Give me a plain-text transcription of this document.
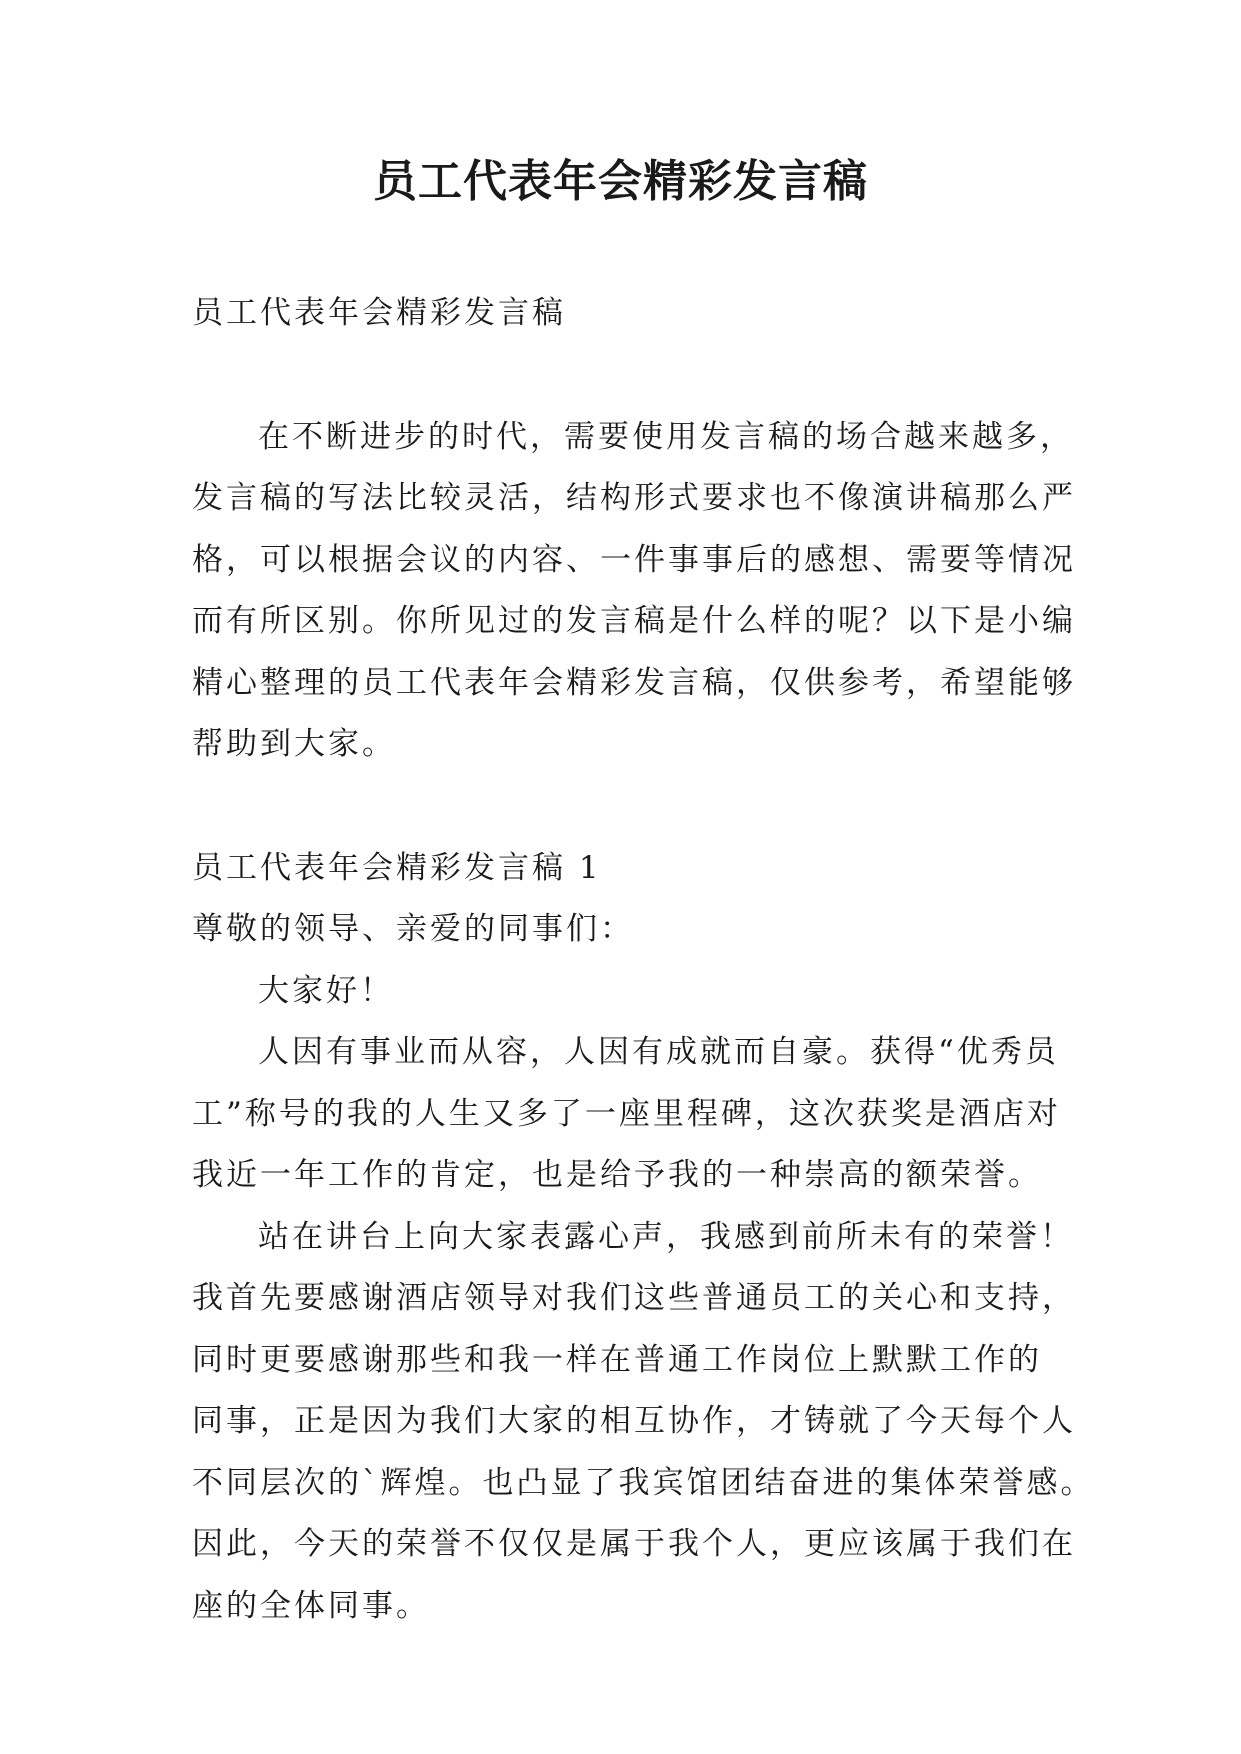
员工代表年会精彩发言稿
员工代表年会精彩发言稿
在不断进步的时代，需要使用发言稿的场合越来越多，
发言稿的写法比较灵活，结构形式要求也不像演讲稿那么严
格，可以根据会议的内容、一件事事后的感想、需要等情况
而有所区别。你所见过的发言稿是什么样的呢？以下是小编
精心整理的员工代表年会精彩发言稿，仅供参考，希望能够
帮助到大家。
员工代表年会精彩发言稿 1
尊敬的领导、亲爱的同事们：
大家好！
人因有事业而从容，人因有成就而自豪。获得“优秀员
工”称号的我的人生又多了一座里程碑，这次获奖是酒店对
我近一年工作的肯定，也是给予我的一种崇高的额荣誉。
站在讲台上向大家表露心声，我感到前所未有的荣誉！
我首先要感谢酒店领导对我们这些普通员工的关心和支持，
同时更要感谢那些和我一样在普通工作岗位上默默工作的
同事，正是因为我们大家的相互协作，才铸就了今天每个人
不同层次的`辉煌。也凸显了我宾馆团结奋进的集体荣誉感。
因此，今天的荣誉不仅仅是属于我个人，更应该属于我们在
座的全体同事。
